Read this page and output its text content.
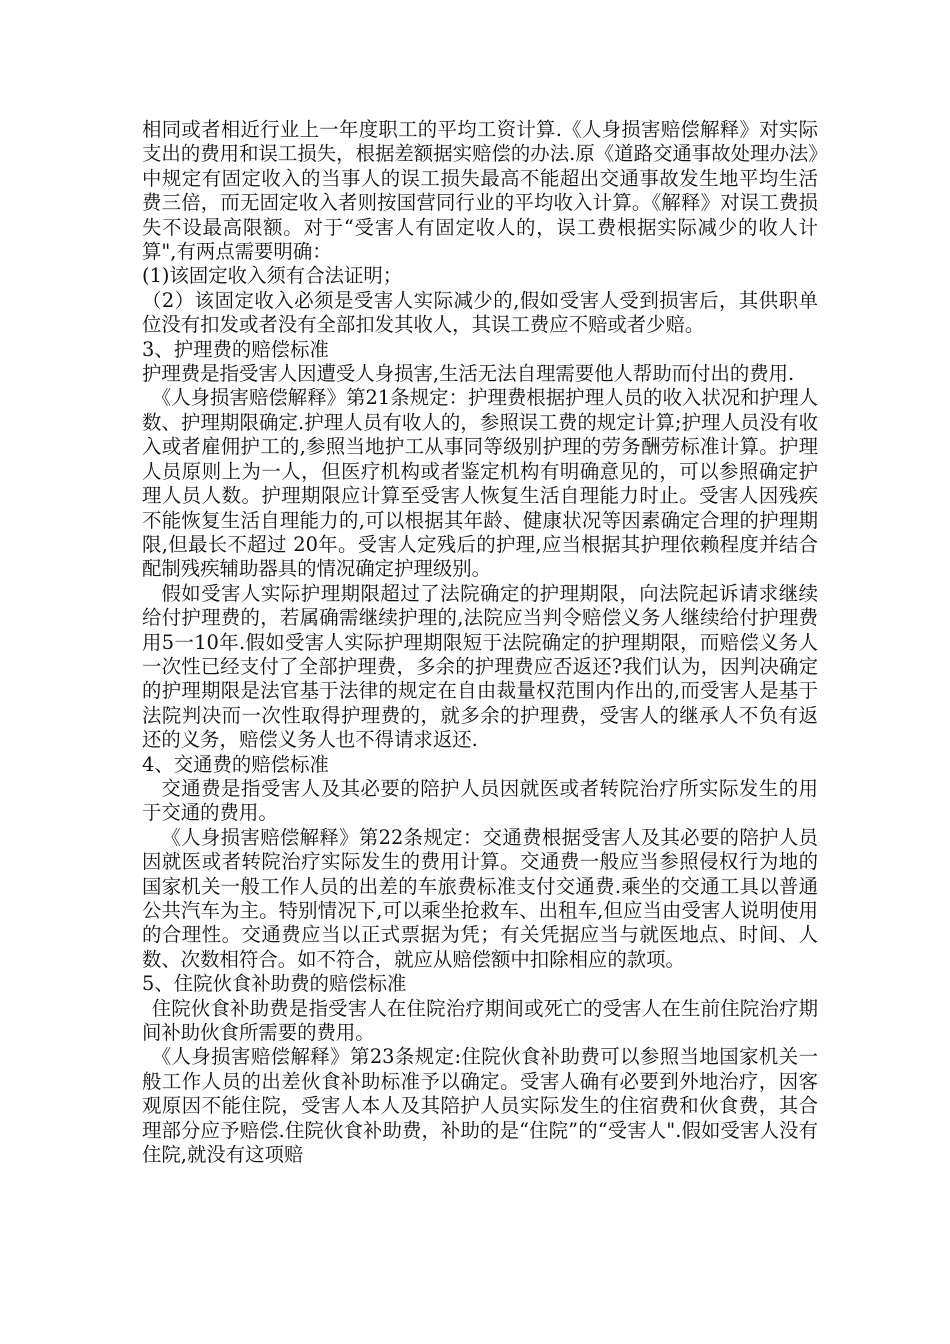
相同或者相近行业上一年度职工的平均工资计算.《人身损害赔偿解释》对实际支出的费用和误工损失，根据差额据实赔偿的办法.原《道路交通事故处理办法》中规定有固定收入的当事人的误工损失最高不能超出交通事故发生地平均生活费三倍，而无固定收入者则按国营同行业的平均收入计算。《解释》对误工费损失不设最高限额。对于“受害人有固定收人的，误工费根据实际减少的收人计算",有两点需要明确：

(1)该固定收入须有合法证明；

（2）该固定收入必须是受害人实际减少的,假如受害人受到损害后，其供职单位没有扣发或者没有全部扣发其收人，其误工费应不赔或者少赔。

3、护理费的赔偿标准

护理费是指受害人因遭受人身损害,生活无法自理需要他人帮助而付出的费用.

《人身损害赔偿解释》第21条规定：护理费根据护理人员的收入状况和护理人数、护理期限确定.护理人员有收人的，参照误工费的规定计算;护理人员没有收入或者雇佣护工的,参照当地护工从事同等级别护理的劳务酬劳标准计算。护理人员原则上为一人，但医疗机构或者鉴定机构有明确意见的，可以参照确定护理人员人数。护理期限应计算至受害人恢复生活自理能力时止。受害人因残疾不能恢复生活自理能力的,可以根据其年龄、健康状况等因素确定合理的护理期限,但最长不超过 20年。受害人定残后的护理,应当根据其护理依赖程度并结合配制残疾辅助器具的情况确定护理级别。

假如受害人实际护理期限超过了法院确定的护理期限，向法院起诉请求继续给付护理费的，若属确需继续护理的,法院应当判令赔偿义务人继续给付护理费用5一10年.假如受害人实际护理期限短于法院确定的护理期限，而赔偿义务人一次性已经支付了全部护理费，多余的护理费应否返还?我们认为，因判决确定的护理期限是法官基于法律的规定在自由裁量权范围内作出的,而受害人是基于法院判决而一次性取得护理费的，就多余的护理费，受害人的继承人不负有返还的义务，赔偿义务人也不得请求返还.

4、交通费的赔偿标准

交通费是指受害人及其必要的陪护人员因就医或者转院治疗所实际发生的用于交通的费用。

《人身损害赔偿解释》第22条规定：交通费根据受害人及其必要的陪护人员因就医或者转院治疗实际发生的费用计算。交通费一般应当参照侵权行为地的国家机关一般工作人员的出差的车旅费标准支付交通费.乘坐的交通工具以普通公共汽车为主。特别情况下,可以乘坐抢救车、出租车,但应当由受害人说明使用的合理性。交通费应当以正式票据为凭；有关凭据应当与就医地点、时间、人数、次数相符合。如不符合，就应从赔偿额中扣除相应的款项。

5、住院伙食补助费的赔偿标准

住院伙食补助费是指受害人在住院治疗期间或死亡的受害人在生前住院治疗期间补助伙食所需要的费用。

《人身损害赔偿解释》第23条规定:住院伙食补助费可以参照当地国家机关一般工作人员的出差伙食补助标准予以确定。受害人确有必要到外地治疗，因客观原因不能住院，受害人本人及其陪护人员实际发生的住宿费和伙食费，其合理部分应予赔偿.住院伙食补助费，补助的是“住院”的“受害人".假如受害人没有住院,就没有这项赔
